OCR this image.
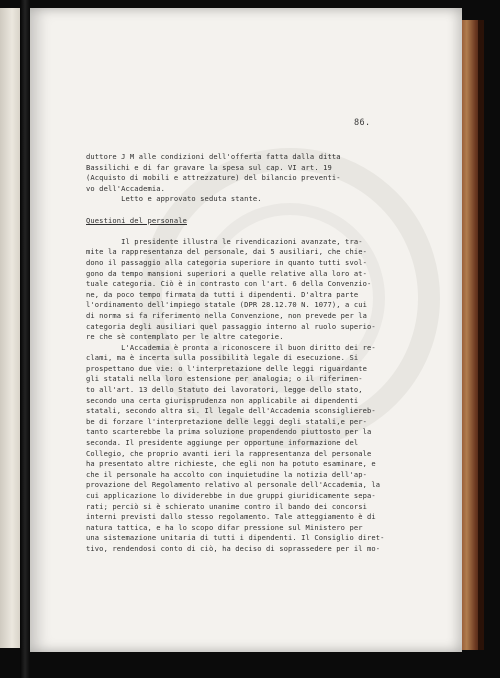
86.
duttore J M alle condizioni dell'offerta fatta dalla ditta
Bassilichi e di far gravare la spesa sul cap. VI art. 19
(Acquisto di mobili e attrezzature) del bilancio preventi-
vo dell'Accademia.
Letto e approvato seduta stante.
Questioni del personale
Il presidente illustra le rivendicazioni avanzate, tra-
mite la rappresentanza del personale, dai 5 ausiliari, che chie-
dono il passaggio alla categoria superiore in quanto tutti svol-
gono da tempo mansioni superiori a quelle relative alla loro at-
tuale categoria. Ciò è in contrasto con l'art. 6 della Convenzio-
ne, da poco tempo firmata da tutti i dipendenti. D'altra parte
l'ordinamento dell'impiego statale (DPR 28.12.70 N. 1077), a cui
di norma si fa riferimento nella Convenzione, non prevede per la
categoria degli ausiliari quel passaggio interno al ruolo superio-
re che sè contemplato per le altre categorie.
L'Accademia è pronta a riconoscere il buon diritto dei re-
clami, ma è incerta sulla possibilità legale di esecuzione. Si
prospettano due vie: o l'interpretazione delle leggi riguardante
gli statali nella loro estensione per analogia; o il riferimen-
to all'art. 13 dello Statuto dei lavoratori, legge dello stato,
secondo una certa giurisprudenza non applicabile ai dipendenti
statali, secondo altra sì. Il legale dell'Accademia sconsigliereb-
be di forzare l'interpretazione delle leggi degli statali,e per-
tanto scarterebbe la prima soluzione propendendo piuttosto per la
seconda. Il presidente aggiunge per opportune informazione del
Collegio, che proprio avanti ieri la rappresentanza del personale
ha presentato altre richieste, che egli non ha potuto esaminare, e
che il personale ha accolto con inquietudine la notizia dell'ap-
provazione del Regolamento relativo al personale dell'Accademia, la
cui applicazione lo dividerebbe in due gruppi giuridicamente sepa-
rati; perciò si è schierato unanime contro il bando dei concorsi
interni previsti dallo stesso regolamento. Tale atteggiamento è di
natura tattica, e ha lo scopo difar pressione sul Ministero per
una sistemazione unitaria di tutti i dipendenti. Il Consiglio diret-
tivo, rendendosi conto di ciò, ha deciso di soprassedere per il mo-
